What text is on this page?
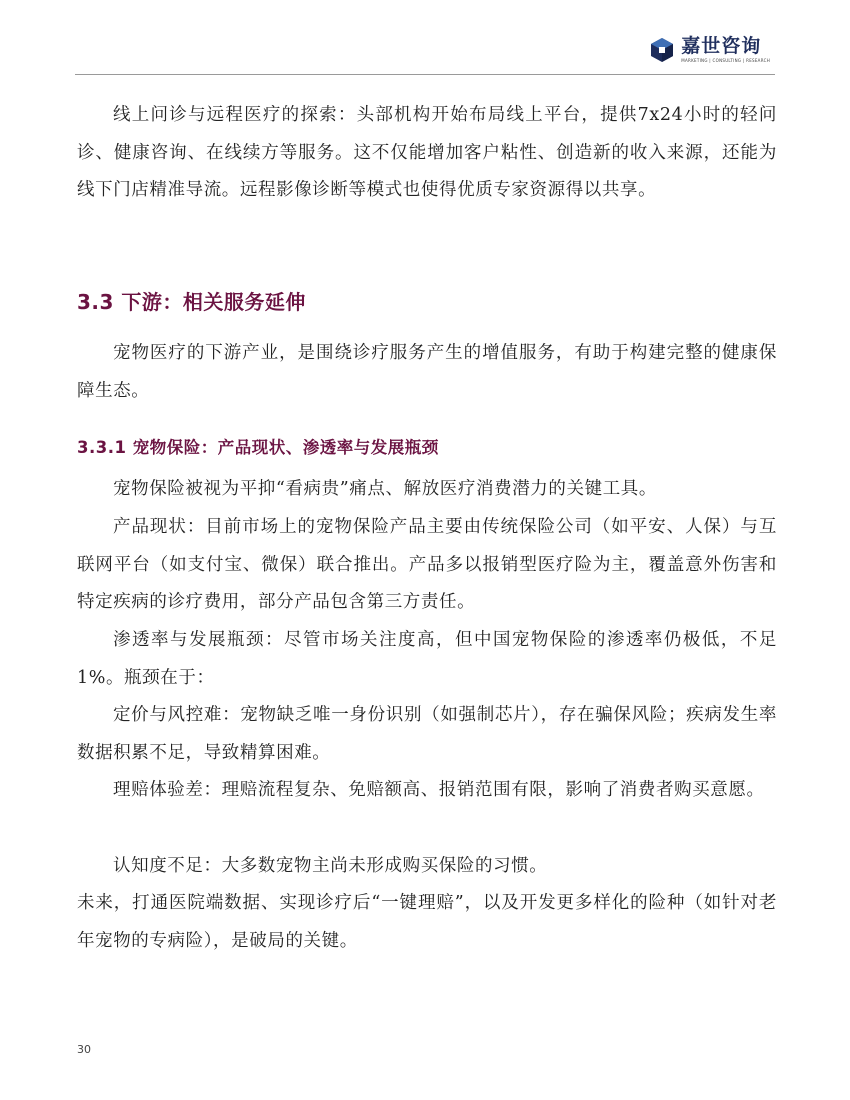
嘉世咨询
MARKETING | CONSULTING | RESEARCH

线上问诊与远程医疗的探索：头部机构开始布局线上平台，提供7x24小时的轻问诊、健康咨询、在线续方等服务。这不仅能增加客户粘性、创造新的收入来源，还能为线下门店精准导流。远程影像诊断等模式也使得优质专家资源得以共享。

3.3 下游：相关服务延伸

宠物医疗的下游产业，是围绕诊疗服务产生的增值服务，有助于构建完整的健康保障生态。

3.3.1 宠物保险：产品现状、渗透率与发展瓶颈

宠物保险被视为平抑“看病贵”痛点、解放医疗消费潜力的关键工具。

产品现状：目前市场上的宠物保险产品主要由传统保险公司（如平安、人保）与互联网平台（如支付宝、微保）联合推出。产品多以报销型医疗险为主，覆盖意外伤害和特定疾病的诊疗费用，部分产品包含第三方责任。

渗透率与发展瓶颈：尽管市场关注度高，但中国宠物保险的渗透率仍极低，不足1%。瓶颈在于：

定价与风控难：宠物缺乏唯一身份识别（如强制芯片），存在骗保风险；疾病发生率数据积累不足，导致精算困难。

理赔体验差：理赔流程复杂、免赔额高、报销范围有限，影响了消费者购买意愿。

认知度不足：大多数宠物主尚未形成购买保险的习惯。

未来，打通医院端数据、实现诊疗后“一键理赔”，以及开发更多样化的险种（如针对老年宠物的专病险），是破局的关键。

30
